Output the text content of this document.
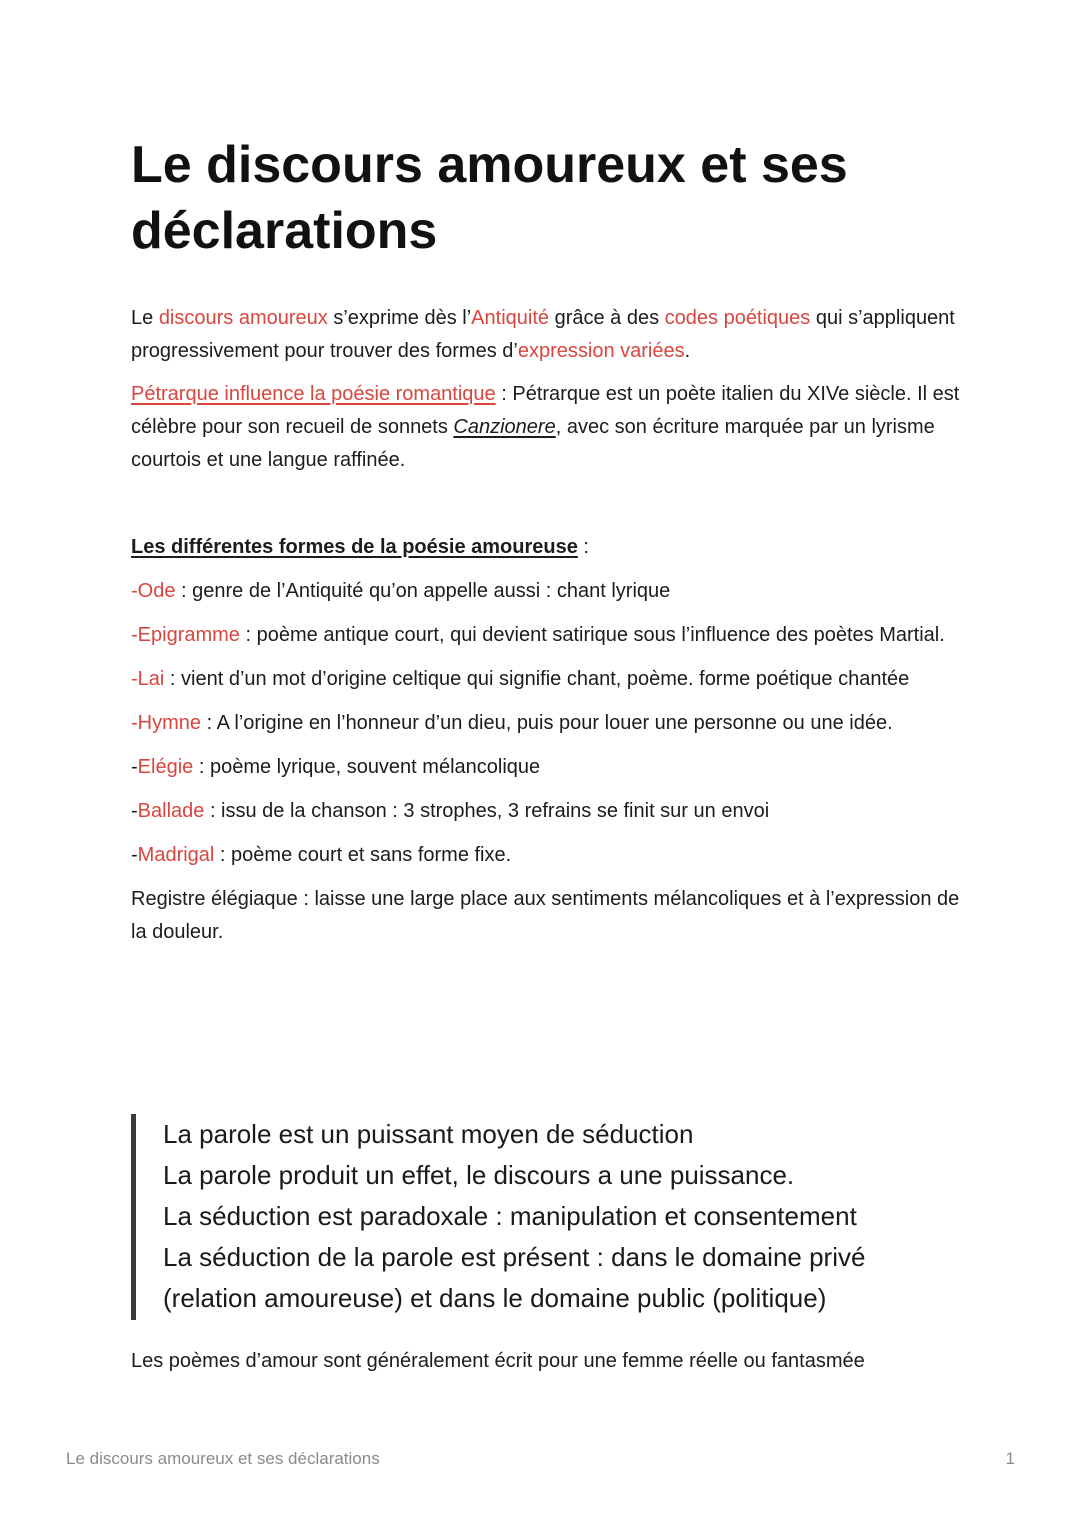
Le discours amoureux et ses déclarations

Le discours amoureux s’exprime dès l’Antiquité grâce à des codes poétiques qui s’appliquent progressivement pour trouver des formes d’expression variées.

Pétrarque influence la poésie romantique : Pétrarque est un poète italien du XIVe siècle. Il est célèbre pour son recueil de sonnets Canzionere, avec son écriture marquée par un lyrisme courtois et une langue raffinée.

Les différentes formes de la poésie amoureuse :

-Ode : genre de l’Antiquité qu’on appelle aussi : chant lyrique

-Epigramme : poème antique court, qui devient satirique sous l’influence des poètes Martial.

-Lai : vient d’un mot d’origine celtique qui signifie chant, poème. forme poétique chantée

-Hymne : A l’origine en l’honneur d’un dieu, puis pour louer une personne ou une idée.

-Elégie : poème lyrique, souvent mélancolique

-Ballade : issu de la chanson : 3 strophes, 3 refrains se finit sur un envoi

-Madrigal : poème court et sans forme fixe.

Registre élégiaque : laisse une large place aux sentiments mélancoliques et à l’expression de la douleur.

La parole est un puissant moyen de séduction
La parole produit un effet, le discours a une puissance.
La séduction est paradoxale : manipulation et consentement
La séduction de la parole est présent : dans le domaine privé
(relation amoureuse) et dans le domaine public (politique)

Les poèmes d’amour sont généralement écrit pour une femme réelle ou fantasmée

Le discours amoureux et ses déclarations	1
